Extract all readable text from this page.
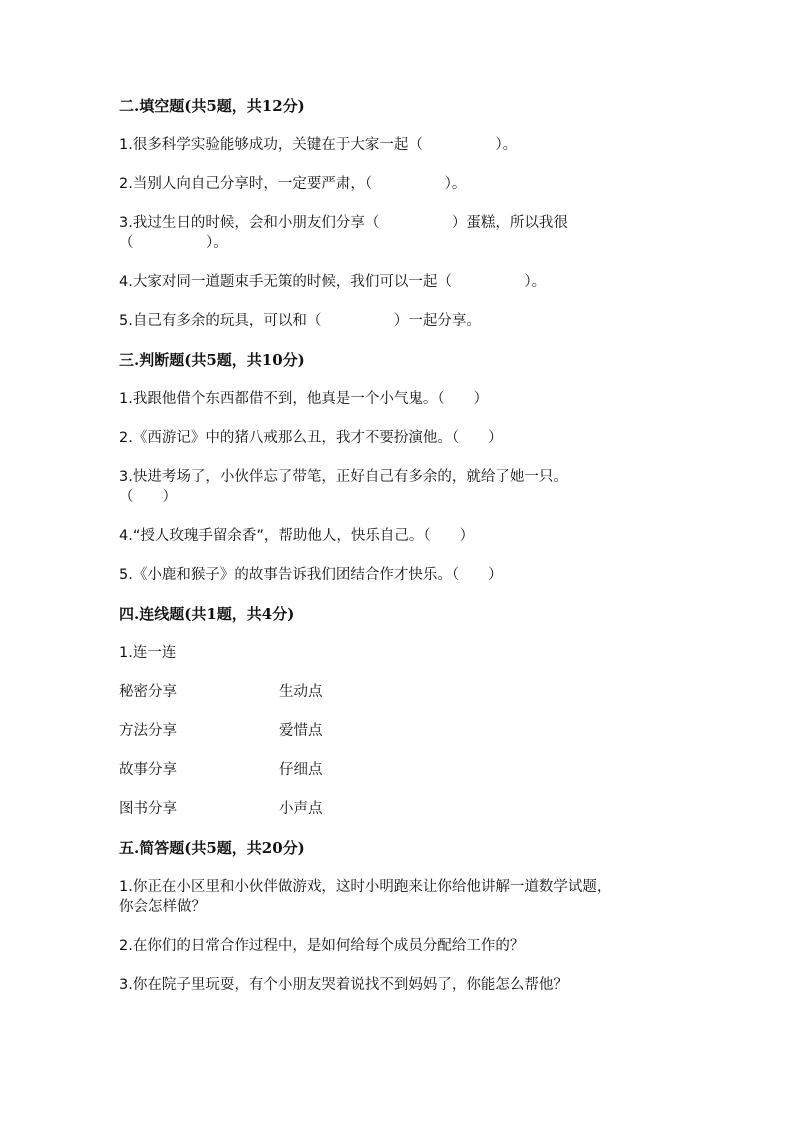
二.填空题(共5题，共12分)
1.很多科学实验能够成功，关键在于大家一起（　　　　　）。
2.当别人向自己分享时，一定要严肃，（　　　　　）。
3.我过生日的时候，会和小朋友们分享（　　　　　）蛋糕，所以我很
（　　　　　）。
4.大家对同一道题束手无策的时候，我们可以一起（　　　　　）。
5.自己有多余的玩具，可以和（　　　　　）一起分享。
三.判断题(共5题，共10分)
1.我跟他借个东西都借不到，他真是一个小气鬼。（　　）
2.《西游记》中的猪八戒那么丑，我才不要扮演他。（　　）
3.快进考场了，小伙伴忘了带笔，正好自己有多余的，就给了她一只。
（　　）
4.“授人玫瑰手留余香”，帮助他人，快乐自己。（　　）
5.《小鹿和猴子》的故事告诉我们团结合作才快乐。（　　）
四.连线题(共1题，共4分)
1.连一连
秘密分享	生动点
方法分享	爱惜点
故事分享	仔细点
图书分享	小声点
五.简答题(共5题，共20分)
1.你正在小区里和小伙伴做游戏，这时小明跑来让你给他讲解一道数学试题，
你会怎样做？
2.在你们的日常合作过程中，是如何给每个成员分配给工作的？
3.你在院子里玩耍，有个小朋友哭着说找不到妈妈了，你能怎么帮他？
